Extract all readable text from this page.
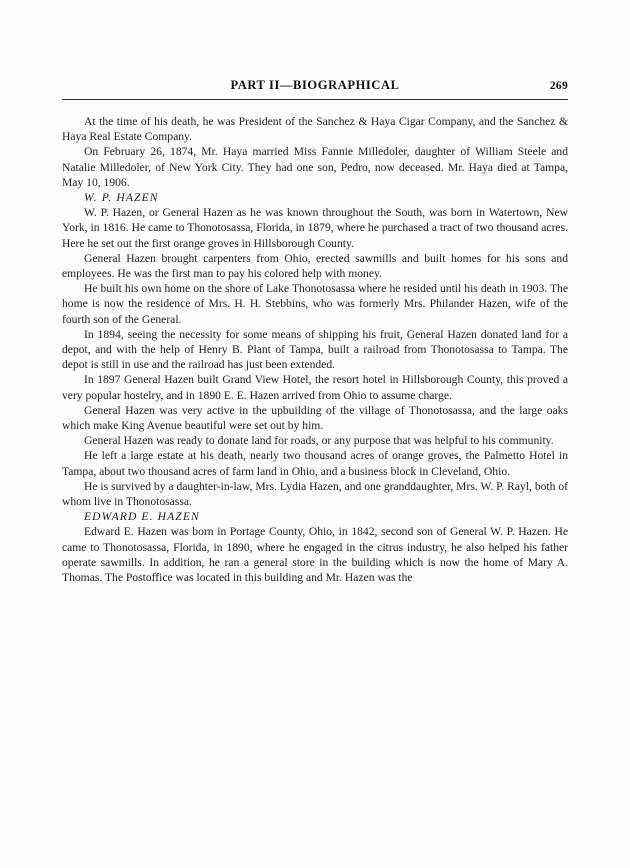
PART II—BIOGRAPHICAL	269

At the time of his death, he was President of the Sanchez & Haya Cigar Company, and the Sanchez & Haya Real Estate Company.

On February 26, 1874, Mr. Haya married Miss Fannie Milledoler, daughter of William Steele and Natalie Milledoler, of New York City. They had one son, Pedro, now deceased. Mr. Haya died at Tampa, May 10, 1906.

W. P. HAZEN

W. P. Hazen, or General Hazen as he was known throughout the South, was born in Watertown, New York, in 1816. He came to Thonotosassa, Florida, in 1879, where he purchased a tract of two thousand acres. Here he set out the first orange groves in Hillsborough County.

General Hazen brought carpenters from Ohio, erected sawmills and built homes for his sons and employees. He was the first man to pay his colored help with money.

He built his own home on the shore of Lake Thonotosassa where he resided until his death in 1903. The home is now the residence of Mrs. H. H. Stebbins, who was formerly Mrs. Philander Hazen, wife of the fourth son of the General.

In 1894, seeing the necessity for some means of shipping his fruit, General Hazen donated land for a depot, and with the help of Henry B. Plant of Tampa, built a railroad from Thonotosassa to Tampa. The depot is still in use and the railroad has just been extended.

In 1897 General Hazen built Grand View Hotel, the resort hotel in Hillsborough County, this proved a very popular hostelry, and in 1890 E. E. Hazen arrived from Ohio to assume charge.

General Hazen was very active in the upbuilding of the village of Thonotosassa, and the large oaks which make King Avenue beautiful were set out by him.

General Hazen was ready to donate land for roads, or any purpose that was helpful to his community.

He left a large estate at his death, nearly two thousand acres of orange groves, the Palmetto Hotel in Tampa, about two thousand acres of farm land in Ohio, and a business block in Cleveland, Ohio.

He is survived by a daughter-in-law, Mrs. Lydia Hazen, and one granddaughter, Mrs. W. P. Rayl, both of whom live in Thonotosassa.

EDWARD E. HAZEN

Edward E. Hazen was born in Portage County, Ohio, in 1842, second son of General W. P. Hazen. He came to Thonotosassa, Florida, in 1890, where he engaged in the citrus industry, he also helped his father operate sawmills. In addition, he ran a general store in the building which is now the home of Mary A. Thomas. The Postoffice was located in this building and Mr. Hazen was the
